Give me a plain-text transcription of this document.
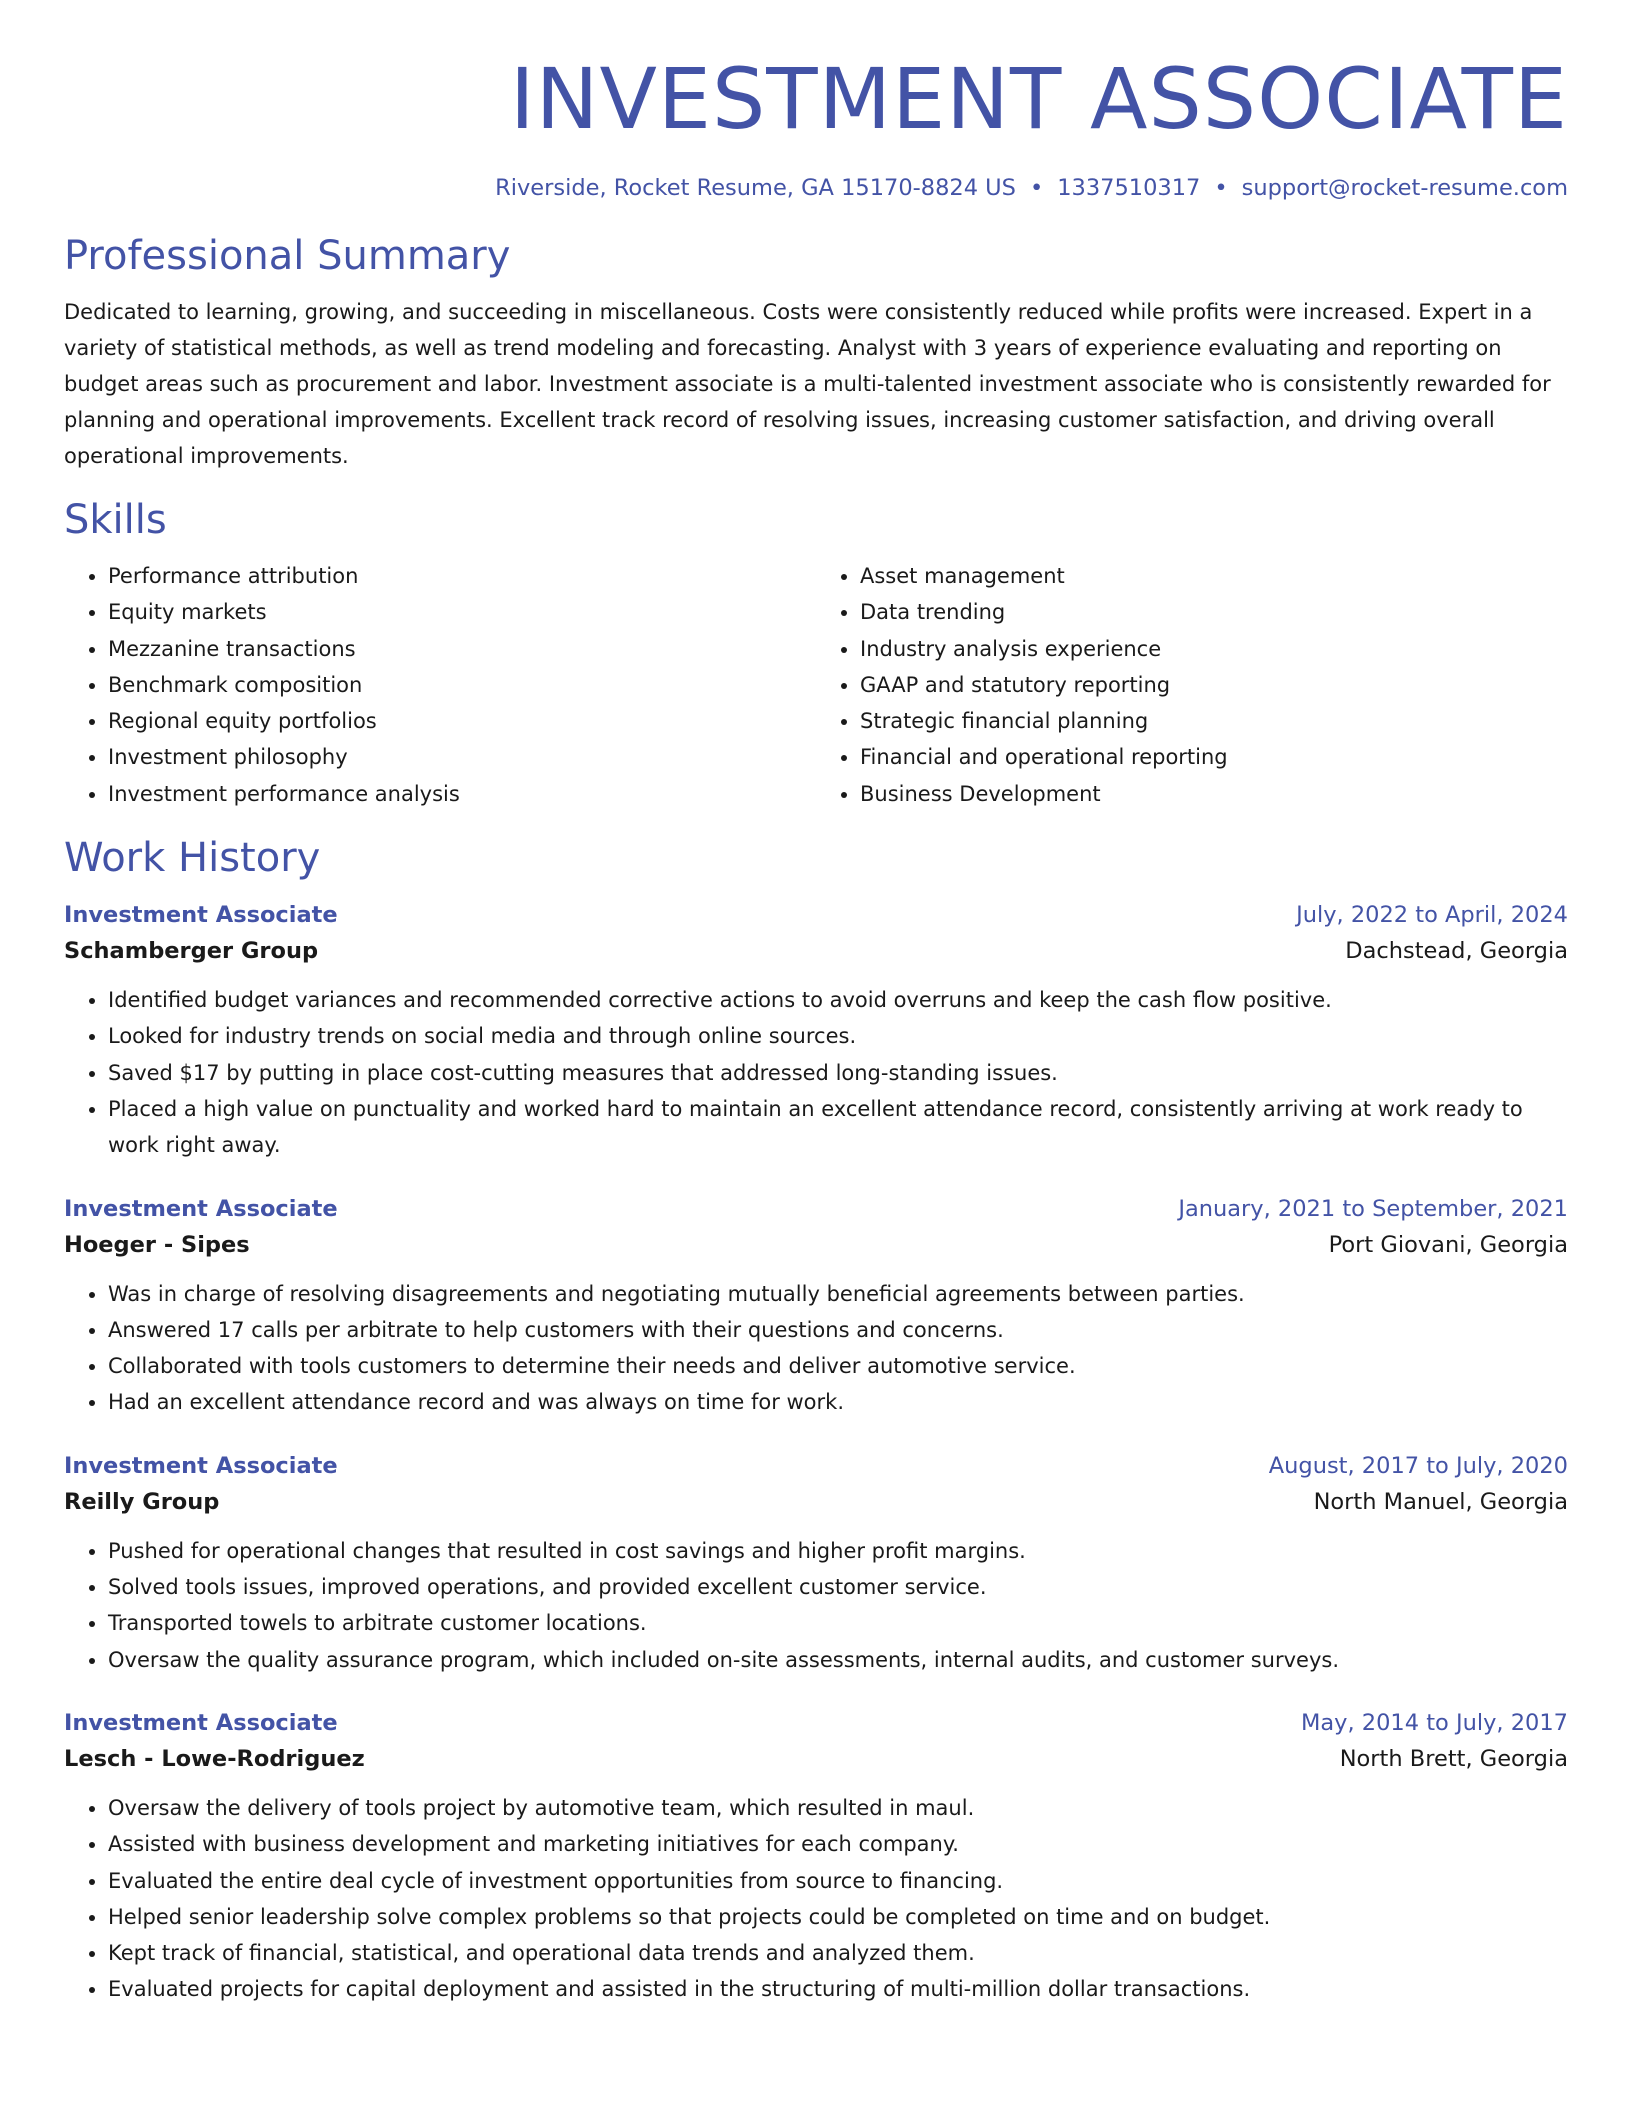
INVESTMENT ASSOCIATE
Riverside, Rocket Resume, GA 15170-8824 US • 1337510317 • support@rocket-resume.com
Professional Summary

Dedicated to learning, growing, and succeeding in miscellaneous. Costs were consistently reduced while profits were increased. Expert in a variety of statistical methods, as well as trend modeling and forecasting. Analyst with 3 years of experience evaluating and reporting on budget areas such as procurement and labor. Investment associate is a multi-talented investment associate who is consistently rewarded for planning and operational improvements. Excellent track record of resolving issues, increasing customer satisfaction, and driving overall operational improvements.

Skills
• Performance attribution
• Equity markets
• Mezzanine transactions
• Benchmark composition
• Regional equity portfolios
• Investment philosophy
• Investment performance analysis
• Asset management
• Data trending
• Industry analysis experience
• GAAP and statutory reporting
• Strategic financial planning
• Financial and operational reporting
• Business Development
Work History
Investment Associate	July, 2022 to April, 2024
Schamberger Group	Dachstead, Georgia
• Identified budget variances and recommended corrective actions to avoid overruns and keep the cash flow positive.
• Looked for industry trends on social media and through online sources.
• Saved $17 by putting in place cost-cutting measures that addressed long-standing issues.
• Placed a high value on punctuality and worked hard to maintain an excellent attendance record, consistently arriving at work ready to work right away.
Investment Associate	January, 2021 to September, 2021
Hoeger - Sipes	Port Giovani, Georgia
• Was in charge of resolving disagreements and negotiating mutually beneficial agreements between parties.
• Answered 17 calls per arbitrate to help customers with their questions and concerns.
• Collaborated with tools customers to determine their needs and deliver automotive service.
• Had an excellent attendance record and was always on time for work.
Investment Associate	August, 2017 to July, 2020
Reilly Group	North Manuel, Georgia
• Pushed for operational changes that resulted in cost savings and higher profit margins.
• Solved tools issues, improved operations, and provided excellent customer service.
• Transported towels to arbitrate customer locations.
• Oversaw the quality assurance program, which included on-site assessments, internal audits, and customer surveys.
Investment Associate	May, 2014 to July, 2017
Lesch - Lowe-Rodriguez	North Brett, Georgia
• Oversaw the delivery of tools project by automotive team, which resulted in maul.
• Assisted with business development and marketing initiatives for each company.
• Evaluated the entire deal cycle of investment opportunities from source to financing.
• Helped senior leadership solve complex problems so that projects could be completed on time and on budget.
• Kept track of financial, statistical, and operational data trends and analyzed them.
• Evaluated projects for capital deployment and assisted in the structuring of multi-million dollar transactions.
